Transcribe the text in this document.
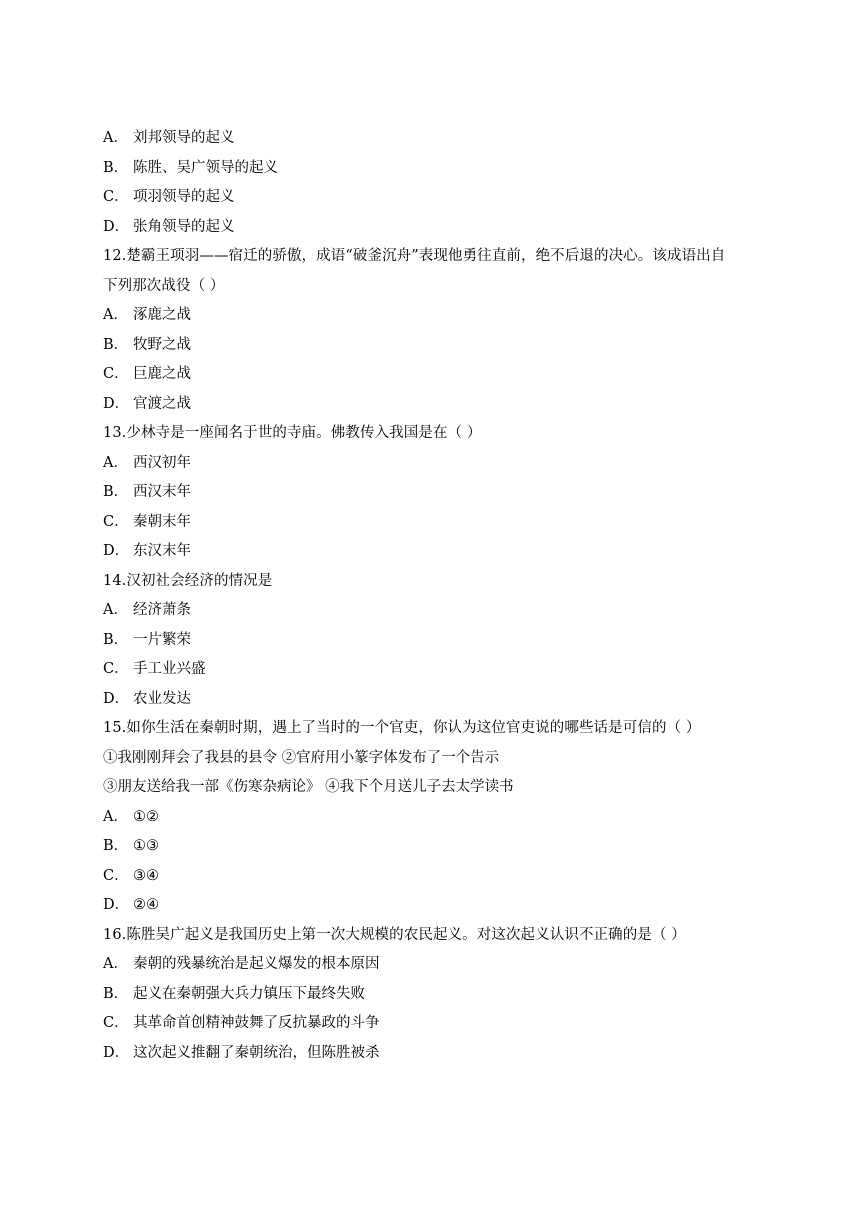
A． 刘邦领导的起义
B． 陈胜、吴广领导的起义
C． 项羽领导的起义
D． 张角领导的起义
12.楚霸王项羽——宿迁的骄傲，成语“破釜沉舟”表现他勇往直前，绝不后退的决心。该成语出自
下列那次战役（ ）
A． 涿鹿之战
B． 牧野之战
C． 巨鹿之战
D． 官渡之战
13.少林寺是一座闻名于世的寺庙。佛教传入我国是在（ ）
A． 西汉初年
B． 西汉末年
C． 秦朝末年
D． 东汉末年
14.汉初社会经济的情况是
A． 经济萧条
B． 一片繁荣
C． 手工业兴盛
D． 农业发达
15.如你生活在秦朝时期，遇上了当时的一个官吏，你认为这位官吏说的哪些话是可信的（ ）
①我刚刚拜会了我县的县令 ②官府用小篆字体发布了一个告示
③朋友送给我一部《伤寒杂病论》 ④我下个月送儿子去太学读书
A． ①②
B． ①③
C． ③④
D． ②④
16.陈胜吴广起义是我国历史上第一次大规模的农民起义。对这次起义认识不正确的是（ ）
A． 秦朝的残暴统治是起义爆发的根本原因
B． 起义在秦朝强大兵力镇压下最终失败
C． 其革命首创精神鼓舞了反抗暴政的斗争
D． 这次起义推翻了秦朝统治，但陈胜被杀
